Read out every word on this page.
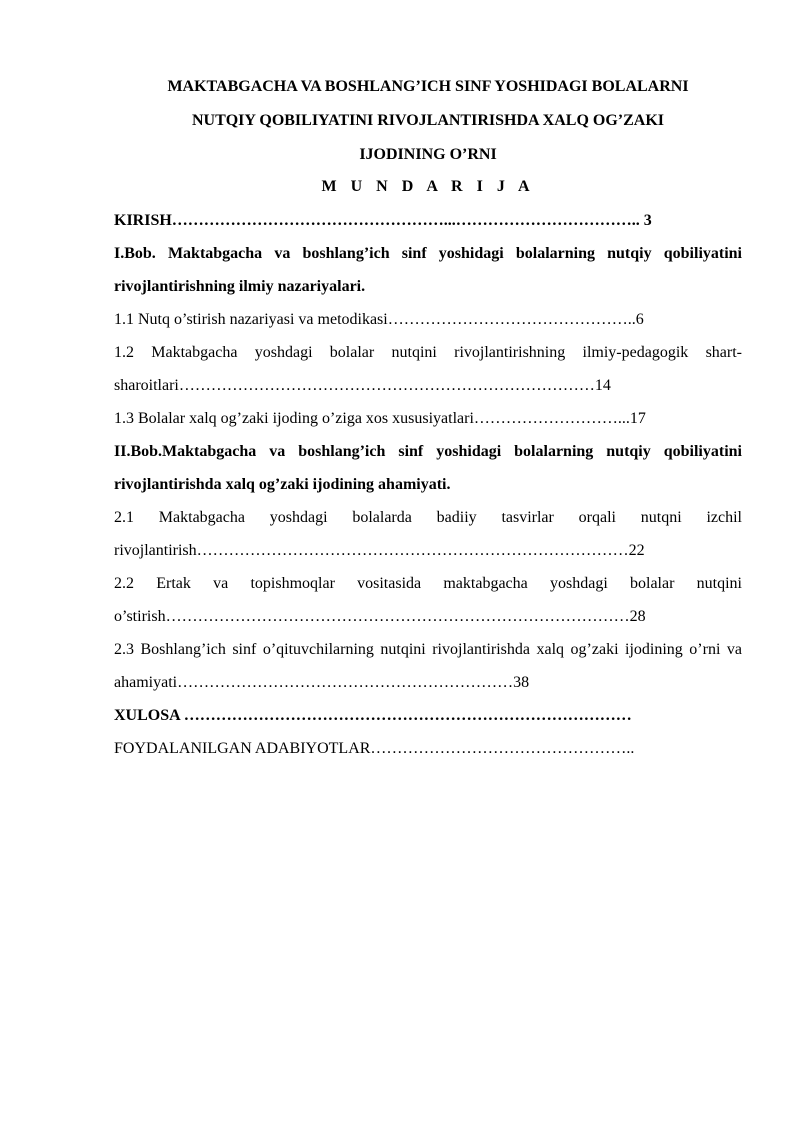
MAKTABGACHA VA BOSHLANG’ICH SINF YOSHIDAGI BOLALARNI
NUTQIY QOBILIYATINI RIVOJLANTIRISHDA XALQ OG’ZAKI
IJODINING O’RNI
M U N D A R I J A

KIRISH……………………………………………...…………………………….. 3

I.Bob. Maktabgacha va boshlang’ich sinf yoshidagi bolalarning nutqiy qobiliyatini rivojlantirishning ilmiy nazariyalari.

1.1 Nutq o’stirish nazariyasi va metodikasi………………………………………..6

1.2 Maktabgacha yoshdagi bolalar nutqini rivojlantirishning ilmiy-pedagogik shart-sharoitlari……………………………………………………………………14

1.3 Bolalar xalq og’zaki ijoding o’ziga xos xususiyatlari………………………...17

II.Bob.Maktabgacha va boshlang’ich sinf yoshidagi bolalarning nutqiy qobiliyatini rivojlantirishda xalq og’zaki ijodining ahamiyati.

2.1 Maktabgacha yoshdagi bolalarda badiiy tasvirlar orqali nutqni izchil rivojlantirish………………………………………………………………………22

2.2 Ertak va topishmoqlar vositasida maktabgacha yoshdagi bolalar nutqini o’stirish……………………………………………………………………………28

2.3 Boshlang’ich sinf o’qituvchilarning nutqini rivojlantirishda xalq og’zaki ijodining o’rni va ahamiyati………………………………………………………38

XULOSA …………………………………………………………………………

FOYDALANILGAN ADABIYOTLAR…………………………………………..
